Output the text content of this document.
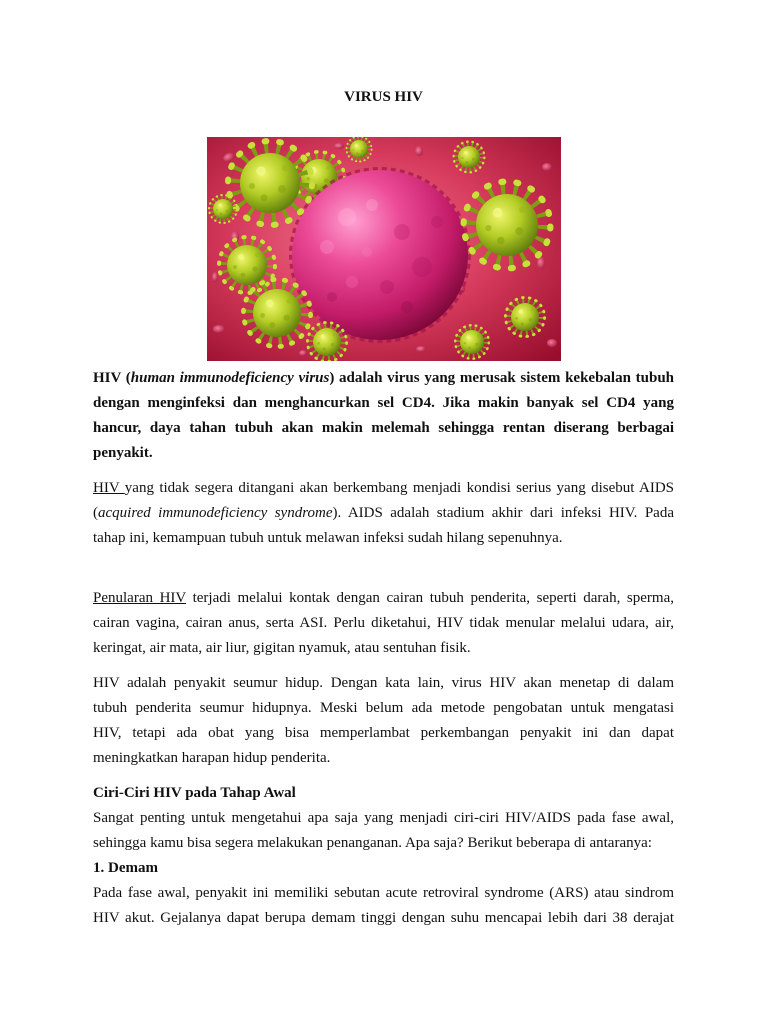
VIRUS HIV
HIV (human immunodeficiency virus) adalah virus yang merusak sistem kekebalan tubuh
dengan menginfeksi dan menghancurkan sel CD4. Jika makin banyak sel CD4 yang
hancur, daya tahan tubuh akan makin melemah sehingga rentan diserang berbagai
penyakit.
HIV yang tidak segera ditangani akan berkembang menjadi kondisi serius yang disebut AIDS
(acquired immunodeficiency syndrome). AIDS adalah stadium akhir dari infeksi HIV. Pada
tahap ini, kemampuan tubuh untuk melawan infeksi sudah hilang sepenuhnya.
Penularan HIV terjadi melalui kontak dengan cairan tubuh penderita, seperti darah, sperma,
cairan vagina, cairan anus, serta ASI. Perlu diketahui, HIV tidak menular melalui udara, air,
keringat, air mata, air liur, gigitan nyamuk, atau sentuhan fisik.
HIV adalah penyakit seumur hidup. Dengan kata lain, virus HIV akan menetap di dalam
tubuh penderita seumur hidupnya. Meski belum ada metode pengobatan untuk mengatasi
HIV, tetapi ada obat yang bisa memperlambat perkembangan penyakit ini dan dapat
meningkatkan harapan hidup penderita.
Ciri-Ciri HIV pada Tahap Awal
Sangat penting untuk mengetahui apa saja yang menjadi ciri-ciri HIV/AIDS pada fase awal,
sehingga kamu bisa segera melakukan penanganan. Apa saja? Berikut beberapa di antaranya:
1. Demam
Pada fase awal, penyakit ini memiliki sebutan acute retroviral syndrome (ARS) atau sindrom
HIV akut. Gejalanya dapat berupa demam tinggi dengan suhu mencapai lebih dari 38 derajat
